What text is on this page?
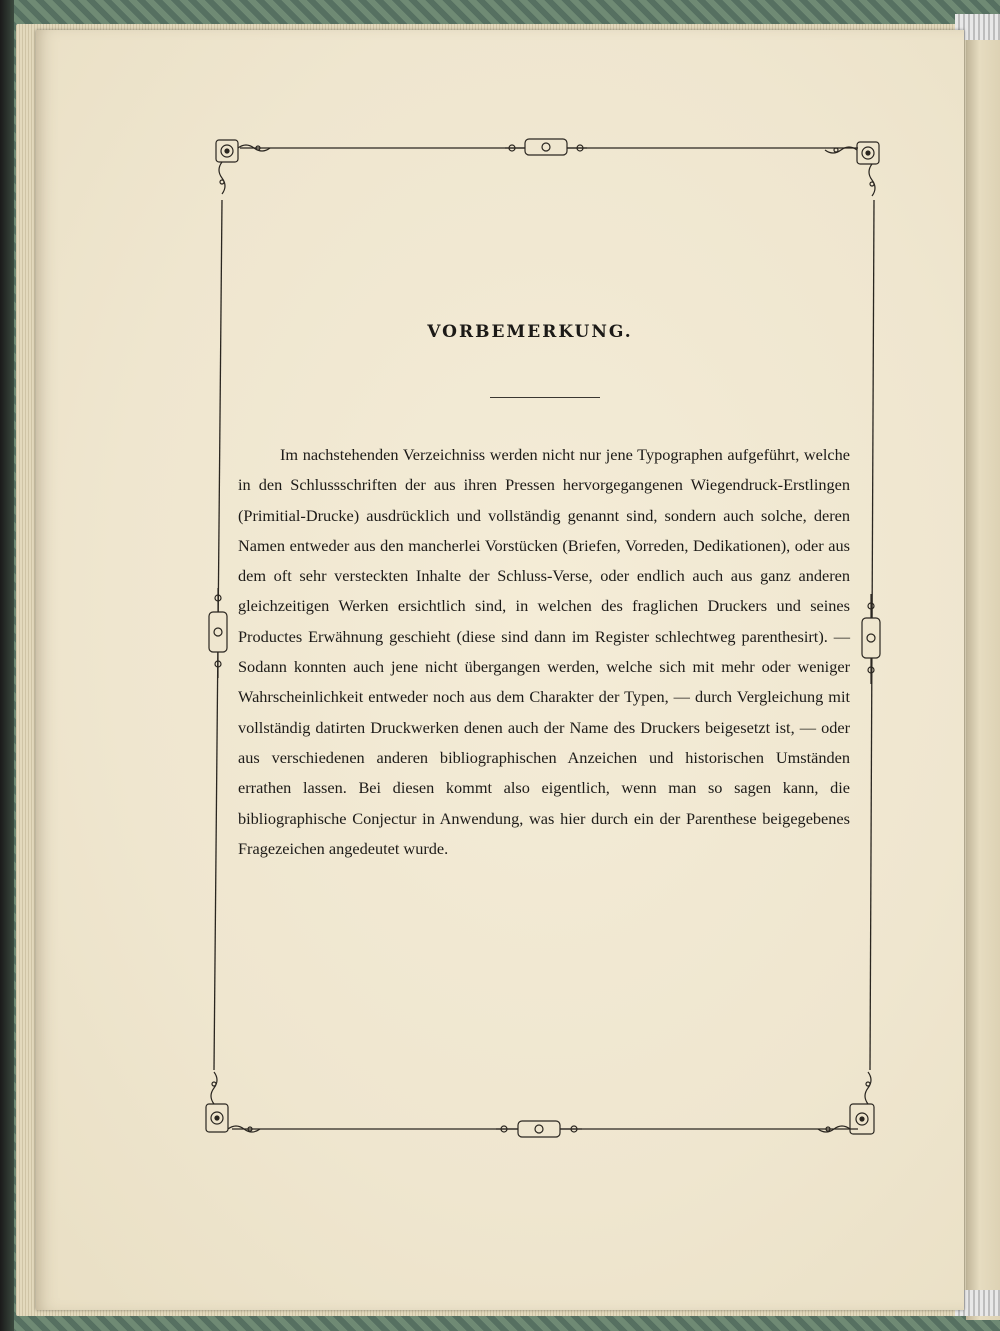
VORBEMERKUNG.

Im nachstehenden Verzeichniss werden nicht nur jene Typographen aufgeführt, welche in den Schlussschriften der aus ihren Pressen hervorgegangenen Wiegendruck-Erstlingen (Primitial-Drucke) ausdrücklich und vollständig genannt sind, sondern auch solche, deren Namen entweder aus den mancherlei Vorstücken (Briefen, Vorreden, Dedikationen), oder aus dem oft sehr versteckten Inhalte der Schluss-Verse, oder endlich auch aus ganz anderen gleichzeitigen Werken ersichtlich sind, in welchen des fraglichen Druckers und seines Productes Erwähnung geschieht (diese sind dann im Register schlechtweg parenthesirt). — Sodann konnten auch jene nicht übergangen werden, welche sich mit mehr oder weniger Wahrscheinlichkeit entweder noch aus dem Charakter der Typen, — durch Vergleichung mit vollständig datirten Druckwerken denen auch der Name des Druckers beigesetzt ist, — oder aus verschiedenen anderen bibliographischen Anzeichen und historischen Umständen errathen lassen. Bei diesen kommt also eigentlich, wenn man so sagen kann, die bibliographische Conjectur in Anwendung, was hier durch ein der Parenthese beigegebenes Fragezeichen angedeutet wurde.
